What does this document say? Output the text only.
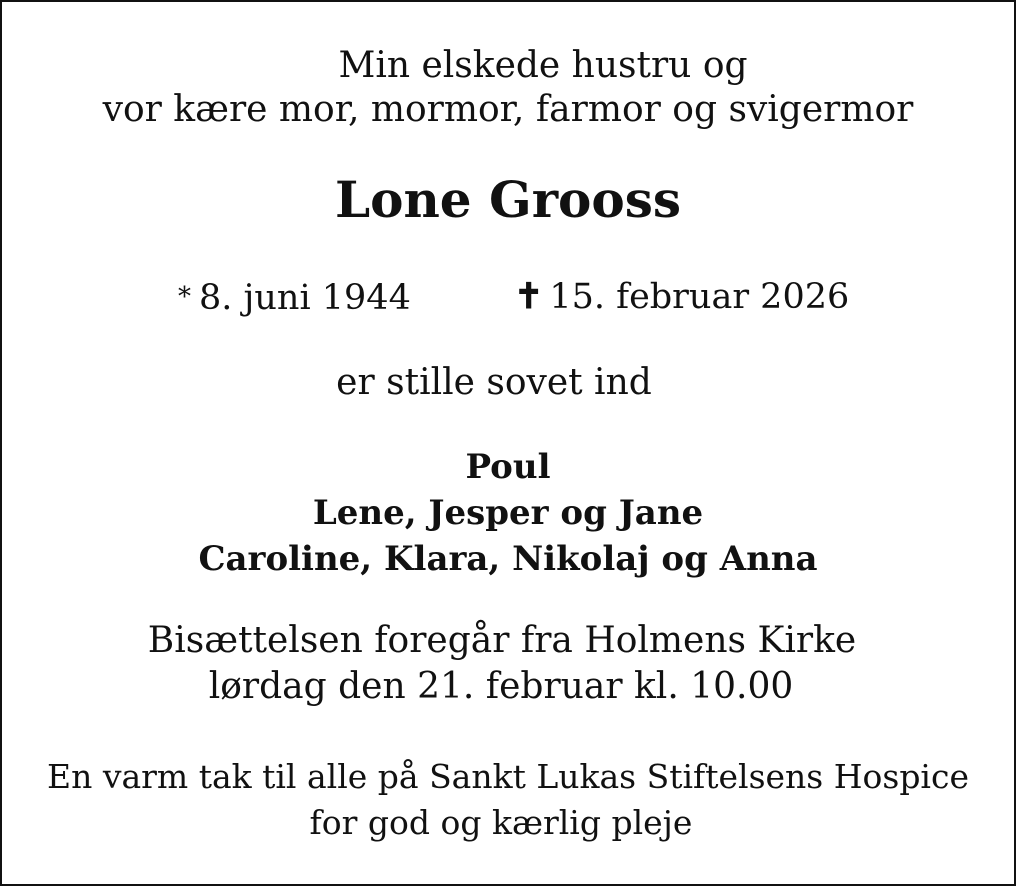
Min elskede hustru og
vor kære mor, mormor, farmor og svigermor
Lone Grooss
* 8. juni 1944	✝ 15. februar 2026
er stille sovet ind
Poul
Lene, Jesper og Jane
Caroline, Klara, Nikolaj og Anna
Bisættelsen foregår fra Holmens Kirke
lørdag den 21. februar kl. 10.00
En varm tak til alle på Sankt Lukas Stiftelsens Hospice
for god og kærlig pleje
